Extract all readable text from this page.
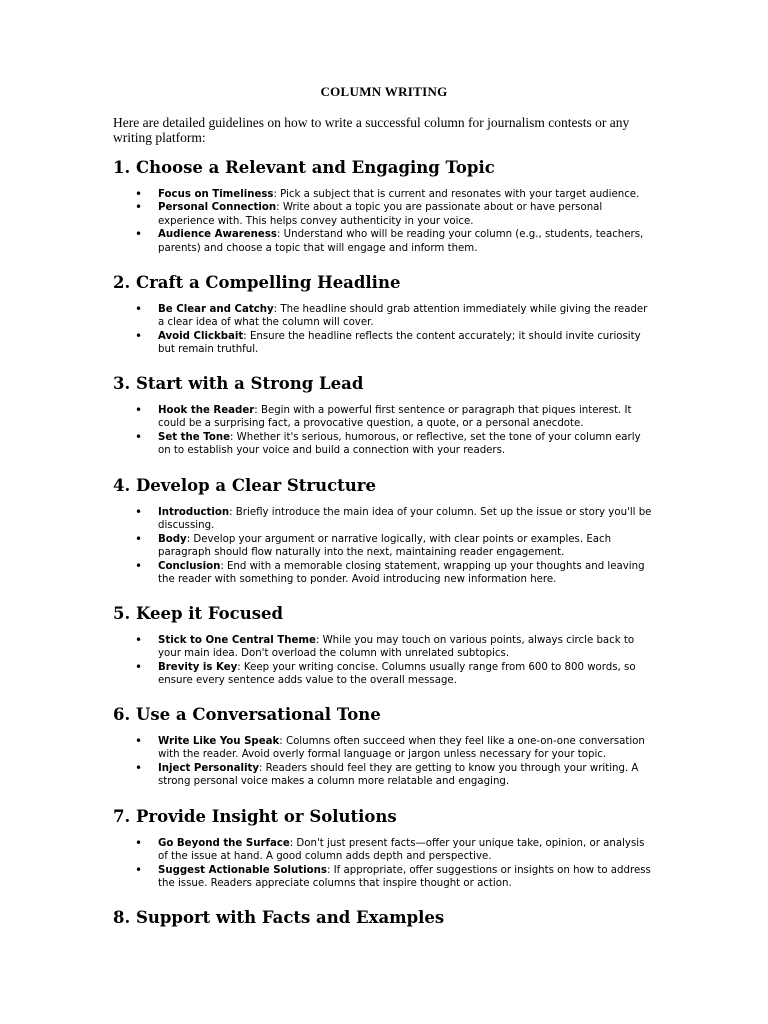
COLUMN WRITING
Here are detailed guidelines on how to write a successful column for journalism contests or any writing platform:
1. Choose a Relevant and Engaging Topic
• Focus on Timeliness: Pick a subject that is current and resonates with your target audience.
• Personal Connection: Write about a topic you are passionate about or have personal experience with. This helps convey authenticity in your voice.
• Audience Awareness: Understand who will be reading your column (e.g., students, teachers, parents) and choose a topic that will engage and inform them.
2. Craft a Compelling Headline
• Be Clear and Catchy: The headline should grab attention immediately while giving the reader a clear idea of what the column will cover.
• Avoid Clickbait: Ensure the headline reflects the content accurately; it should invite curiosity but remain truthful.
3. Start with a Strong Lead
• Hook the Reader: Begin with a powerful first sentence or paragraph that piques interest. It could be a surprising fact, a provocative question, a quote, or a personal anecdote.
• Set the Tone: Whether it's serious, humorous, or reflective, set the tone of your column early on to establish your voice and build a connection with your readers.
4. Develop a Clear Structure
• Introduction: Briefly introduce the main idea of your column. Set up the issue or story you'll be discussing.
• Body: Develop your argument or narrative logically, with clear points or examples. Each paragraph should flow naturally into the next, maintaining reader engagement.
• Conclusion: End with a memorable closing statement, wrapping up your thoughts and leaving the reader with something to ponder. Avoid introducing new information here.
5. Keep it Focused
• Stick to One Central Theme: While you may touch on various points, always circle back to your main idea. Don't overload the column with unrelated subtopics.
• Brevity is Key: Keep your writing concise. Columns usually range from 600 to 800 words, so ensure every sentence adds value to the overall message.
6. Use a Conversational Tone
• Write Like You Speak: Columns often succeed when they feel like a one-on-one conversation with the reader. Avoid overly formal language or jargon unless necessary for your topic.
• Inject Personality: Readers should feel they are getting to know you through your writing. A strong personal voice makes a column more relatable and engaging.
7. Provide Insight or Solutions
• Go Beyond the Surface: Don't just present facts—offer your unique take, opinion, or analysis of the issue at hand. A good column adds depth and perspective.
• Suggest Actionable Solutions: If appropriate, offer suggestions or insights on how to address the issue. Readers appreciate columns that inspire thought or action.
8. Support with Facts and Examples
